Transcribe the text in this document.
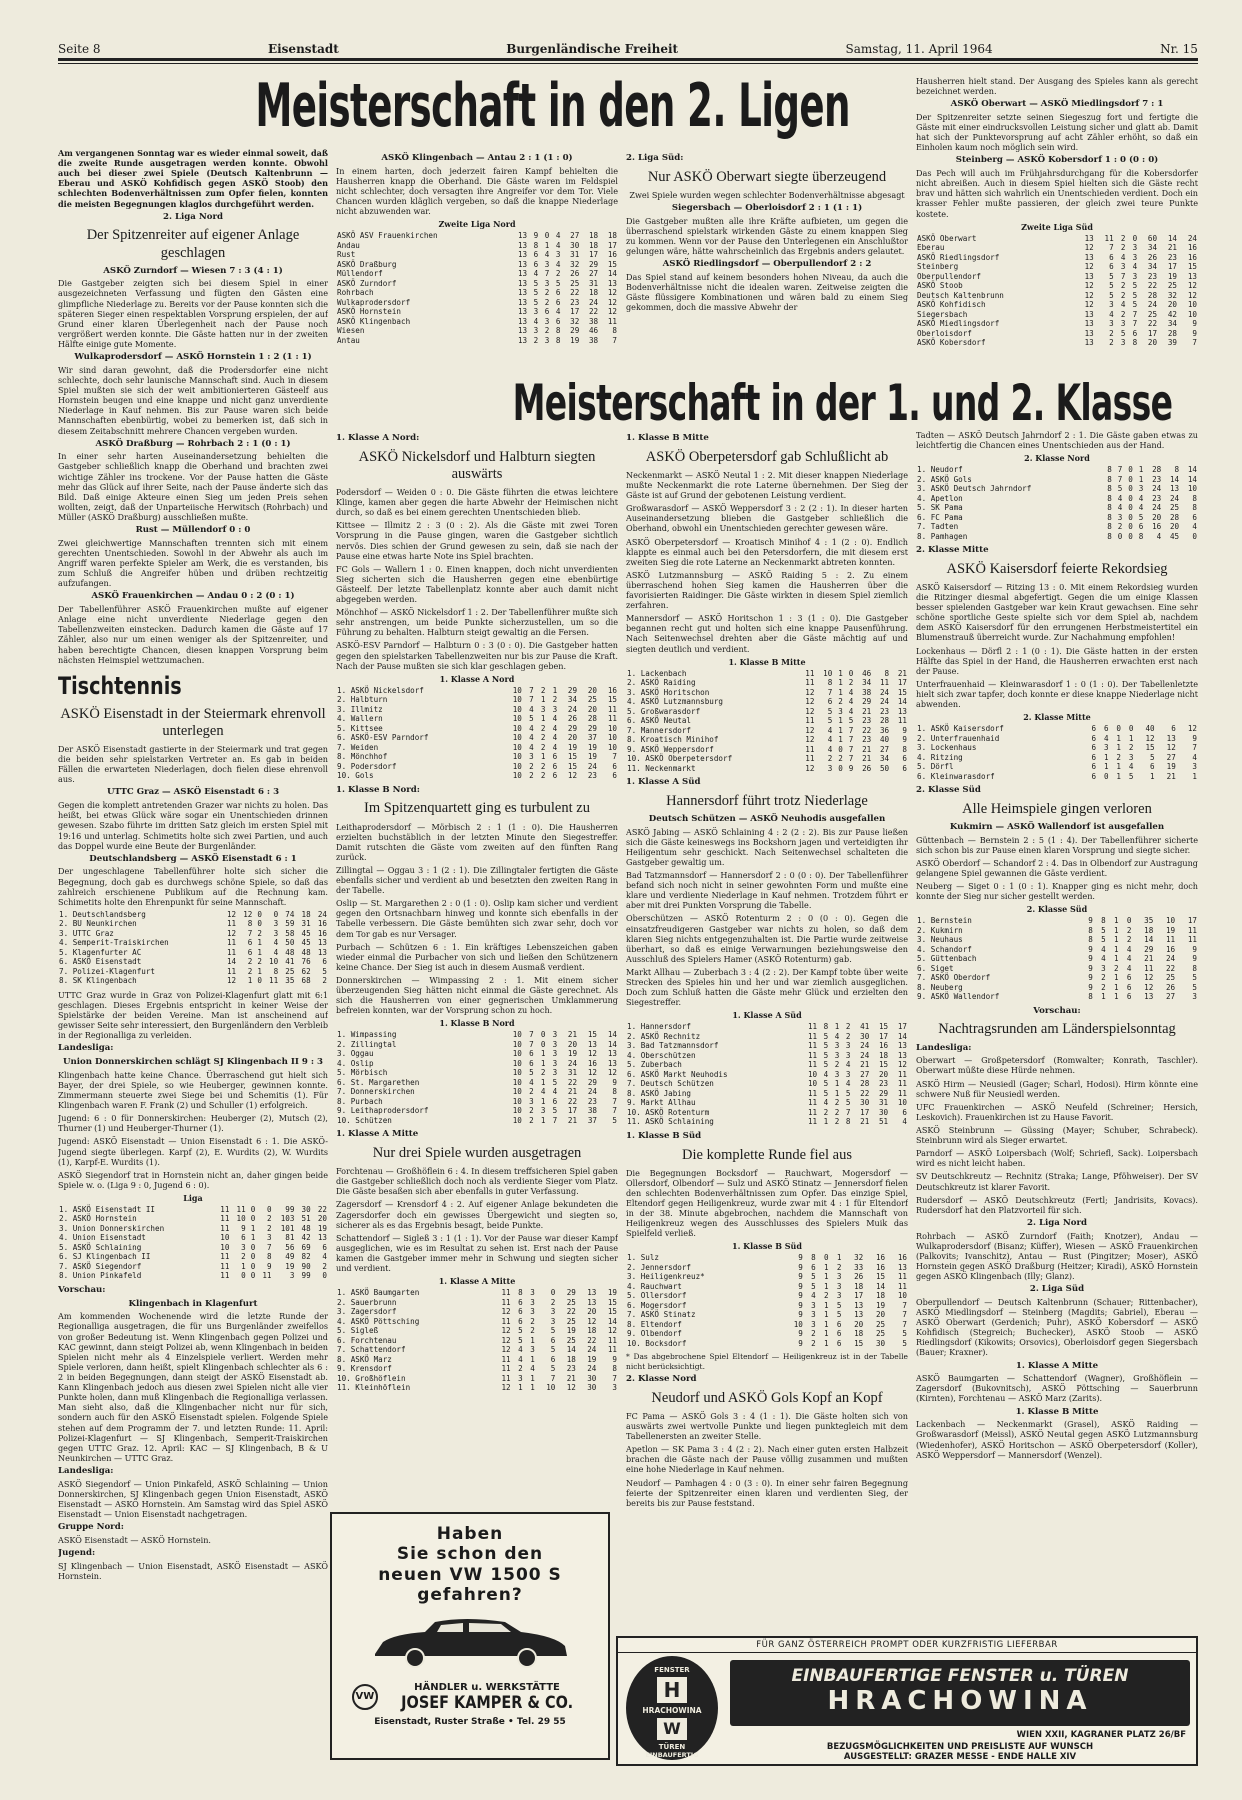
Seite 8	Eisenstadt	Burgenländische Freiheit	Samstag, 11. April 1964	Nr. 15
Meisterschaft in den 2. Ligen

Am vergangenen Sonntag war es wieder einmal soweit, daß die zweite Runde ausgetragen werden konnte. Obwohl auch bei dieser zwei Spiele (Deutsch Kaltenbrunn — Eberau und ASKÖ Kohfidisch gegen ASKÖ Stoob) den schlechten Bodenverhältnissen zum Opfer fielen, konnten die meisten Begegnungen klaglos durchgeführt werden.

2. Liga Nord
Der Spitzenreiter auf eigener Anlage geschlagen
ASKÖ Zurndorf — Wiesen 7 : 3 (4 : 1)

Die Gastgeber zeigten sich bei diesem Spiel in einer ausgezeichneten Verfassung und fügten den Gästen eine glimpfliche Niederlage zu. Bereits vor der Pause konnten sich die späteren Sieger einen respektablen Vorsprung erspielen, der auf Grund einer klaren Überlegenheit nach der Pause noch vergrößert werden konnte. Die Gäste hatten nur in der zweiten Hälfte einige gute Momente.

Wulkaprodersdorf — ASKÖ Hornstein 1 : 2 (1 : 1)

Wir sind daran gewohnt, daß die Prodersdorfer eine nicht schlechte, doch sehr launische Mannschaft sind. Auch in diesem Spiel mußten sie sich der weit ambitionierteren Gästeelf aus Hornstein beugen und eine knappe und nicht ganz unverdiente Niederlage in Kauf nehmen. Bis zur Pause waren sich beide Mannschaften ebenbürtig, wobei zu bemerken ist, daß sich in diesem Zeitabschnitt mehrere Chancen vergeben wurden.

ASKÖ Draßburg — Rohrbach 2 : 1 (0 : 1)

In einer sehr harten Auseinandersetzung behielten die Gastgeber schließlich knapp die Oberhand und brachten zwei wichtige Zähler ins trockene. Vor der Pause hatten die Gäste mehr das Glück auf ihrer Seite, nach der Pause änderte sich das Bild. Daß einige Akteure einen Sieg um jeden Preis sehen wollten, zeigt, daß der Unparteiische Herwitsch (Rohrbach) und Müller (ASKÖ Draßburg) ausschließen mußte.

Rust — Müllendorf 0 : 0

Zwei gleichwertige Mannschaften trennten sich mit einem gerechten Unentschieden. Sowohl in der Abwehr als auch im Angriff waren perfekte Spieler am Werk, die es verstanden, bis zum Schluß die Angreifer hüben und drüben rechtzeitig aufzufangen.

ASKÖ Frauenkirchen — Andau 0 : 2 (0 : 1)

Der Tabellenführer ASKÖ Frauenkirchen mußte auf eigener Anlage eine nicht unverdiente Niederlage gegen den Tabellenzweiten einstecken. Dadurch kamen die Gäste auf 17 Zähler, also nur um einen weniger als der Spitzenreiter, und haben berechtigte Chancen, diesen knappen Vorsprung beim nächsten Heimspiel wettzumachen.

Tischtennis
ASKÖ Eisenstadt in der Steiermark ehrenvoll unterlegen

Der ASKÖ Eisenstadt gastierte in der Steiermark und trat gegen die beiden sehr spielstarken Vertreter an. Es gab in beiden Fällen die erwarteten Niederlagen, doch fielen diese ehrenvoll aus.

UTTC Graz — ASKÖ Eisenstadt 6 : 3

Gegen die komplett antretenden Grazer war nichts zu holen. Das heißt, bei etwas Glück wäre sogar ein Unentschieden drinnen gewesen. Szabo führte im dritten Satz gleich im ersten Spiel mit 19:16 und unterlag. Schimetits holte sich zwei Partien, und auch das Doppel wurde eine Beute der Burgenländer.

Deutschlandsberg — ASKÖ Eisenstadt 6 : 1

Der ungeschlagene Tabellenführer holte sich sicher die Begegnung, doch gab es durchwegs schöne Spiele, so daß das zahlreich erschienene Publikum auf die Rechnung kam. Schimetits holte den Ehrenpunkt für seine Mannschaft.

1. Deutschlandsberg	12	12	0	0	74	18	24
2. BU Neunkirchen	11	8	0	3	59	31	16
3. UTTC Graz	12	7	2	3	58	45	16
4. Semperit-Traiskirchen	11	6	1	4	50	45	13
5. Klagenfurter AC	11	6	1	4	48	48	13
6. ASKÖ Eisenstadt	14	2	2	10	41	76	6
7. Polizei-Klagenfurt	11	2	1	8	25	62	5
8. SK Klingenbach	12	1	0	11	35	68	2

UTTC Graz wurde in Graz von Polizei-Klagenfurt glatt mit 6:1 geschlagen. Dieses Ergebnis entspricht in keiner Weise der Spielstärke der beiden Vereine. Man ist anscheinend auf gewisser Seite sehr interessiert, den Burgenländern den Verbleib in der Regionalliga zu verleiden.

Landesliga:
Union Donnerskirchen schlägt SJ Klingenbach II 9 : 3

Klingenbach hatte keine Chance. Überraschend gut hielt sich Bayer, der drei Spiele, so wie Heuberger, gewinnen konnte. Zimmermann steuerte zwei Siege bei und Schemitis (1). Für Klingenbach waren F. Frank (2) und Schuller (1) erfolgreich.

Jugend: 6 : 0 für Donnerskirchen: Heuberger (2), Mutsch (2), Thurner (1) und Heuberger-Thurner (1).

Jugend: ASKÖ Eisenstadt — Union Eisenstadt 6 : 1. Die ASKÖ-Jugend siegte überlegen. Karpf (2), E. Wurdits (2), W. Wurdits (1), Karpf-E. Wurdits (1).

ASKÖ Siegendorf trat in Hornstein nicht an, daher gingen beide Spiele w. o. (Liga 9 : 0, Jugend 6 : 0).

Liga
1. ASKÖ Eisenstadt II	11	11	0	0	99	30	22
2. ASKÖ Hornstein	11	10	0	2	103	51	20
3. Union Donnerskirchen	11	9	1	2	101	48	19
4. Union Eisenstadt	10	6	1	3	81	42	13
5. ASKÖ Schlaining	10	3	0	7	56	69	6
6. SJ Klingenbach II	11	2	0	8	49	82	4
7. ASKÖ Siegendorf	11	1	0	9	19	90	2
8. Union Pinkafeld	11	0	0	11	3	99	0
Vorschau:
Klingenbach in Klagenfurt

Am kommenden Wochenende wird die letzte Runde der Regionalliga ausgetragen, die für uns Burgenländer zweifellos von großer Bedeutung ist. Wenn Klingenbach gegen Polizei und KAC gewinnt, dann steigt Polizei ab, wenn Klingenbach in beiden Spielen nicht mehr als 4 Einzelspiele verliert. Werden mehr Spiele verloren, dann heißt, spielt Klingenbach schlechter als 6 : 2 in beiden Begegnungen, dann steigt der ASKÖ Eisenstadt ab. Kann Klingenbach jedoch aus diesen zwei Spielen nicht alle vier Punkte holen, dann muß Klingenbach die Regionalliga verlassen. Man sieht also, daß die Klingenbacher nicht nur für sich, sondern auch für den ASKÖ Eisenstadt spielen. Folgende Spiele stehen auf dem Programm der 7. und letzten Runde: 11. April: Polizei-Klagenfurt — SJ Klingenbach, Semperit-Traiskirchen gegen UTTC Graz. 12. April: KAC — SJ Klingenbach, B & U Neunkirchen — UTTC Graz.

Landesliga:

ASKÖ Siegendorf — Union Pinkafeld, ASKÖ Schlaining — Union Donnerskirchen, SJ Klingenbach gegen Union Eisenstadt, ASKÖ Eisenstadt — ASKÖ Hornstein. Am Samstag wird das Spiel ASKÖ Eisenstadt — Union Eisenstadt nachgetragen.

Gruppe Nord:

ASKÖ Eisenstadt — ASKÖ Hornstein.

Jugend:

SJ Klingenbach — Union Eisenstadt, ASKÖ Eisenstadt — ASKÖ Hornstein.

ASKÖ Klingenbach — Antau 2 : 1 (1 : 0)

In einem harten, doch jederzeit fairen Kampf behielten die Hausherren knapp die Oberhand. Die Gäste waren im Feldspiel nicht schlechter, doch versagten ihre Angreifer vor dem Tor. Viele Chancen wurden kläglich vergeben, so daß die knappe Niederlage nicht abzuwenden war.

Zweite Liga Nord
ASKÖ ASV Frauenkirchen	13	9	0	4	27	18	18
Andau	13	8	1	4	30	18	17
Rust	13	6	4	3	31	17	16
ASKÖ Draßburg	13	6	3	4	32	29	15
Müllendorf	13	4	7	2	26	27	14
ASKÖ Zurndorf	13	5	3	5	25	31	13
Rohrbach	13	5	2	6	22	18	12
Wulkaprodersdorf	13	5	2	6	23	24	12
ASKÖ Hornstein	13	3	6	4	17	22	12
ASKÖ Klingenbach	13	4	3	6	32	38	11
Wiesen	13	3	2	8	29	46	8
Antau	13	2	3	8	19	38	7
2. Liga Süd:
Nur ASKÖ Oberwart siegte überzeugend

Zwei Spiele wurden wegen schlechter Bodenverhältnisse abgesagt

Siegersbach — Oberloisdorf 2 : 1 (1 : 1)

Die Gastgeber mußten alle ihre Kräfte aufbieten, um gegen die überraschend spielstark wirkenden Gäste zu einem knappen Sieg zu kommen. Wenn vor der Pause den Unterlegenen ein Anschlußtor gelungen wäre, hätte wahrscheinlich das Ergebnis anders gelautet.

ASKÖ Riedlingsdorf — Oberpullendorf 2 : 2

Das Spiel stand auf keinem besonders hohen Niveau, da auch die Bodenverhältnisse nicht die idealen waren. Zeitweise zeigten die Gäste flüssigere Kombinationen und wären bald zu einem Sieg gekommen, doch die massive Abwehr der

Hausherren hielt stand. Der Ausgang des Spieles kann als gerecht bezeichnet werden.

ASKÖ Oberwart — ASKÖ Miedlingsdorf 7 : 1

Der Spitzenreiter setzte seinen Siegeszug fort und fertigte die Gäste mit einer eindrucksvollen Leistung sicher und glatt ab. Damit hat sich der Punktevorsprung auf acht Zähler erhöht, so daß ein Einholen kaum noch möglich sein wird.

Steinberg — ASKÖ Kobersdorf 1 : 0 (0 : 0)

Das Pech will auch im Frühjahrsdurchgang für die Kobersdorfer nicht abreißen. Auch in diesem Spiel hielten sich die Gäste recht brav und hätten sich wahrlich ein Unentschieden verdient. Doch ein krasser Fehler mußte passieren, der gleich zwei teure Punkte kostete.

Zweite Liga Süd
ASKÖ Oberwart	13	11	2	0	60	14	24
Eberau	12	7	2	3	34	21	16
ASKÖ Riedlingsdorf	13	6	4	3	26	23	16
Steinberg	12	6	3	4	34	17	15
Oberpullendorf	13	5	7	3	23	19	13
ASKÖ Stoob	12	5	2	5	22	25	12
Deutsch Kaltenbrunn	12	5	2	5	28	32	12
ASKÖ Kohfidisch	12	3	4	5	24	20	10
Siegersbach	13	4	2	7	25	42	10
ASKÖ Miedlingsdorf	13	3	3	7	22	34	9
Oberloisdorf	13	2	5	6	17	28	9
ASKÖ Kobersdorf	13	2	3	8	20	39	7
Meisterschaft in der 1. und 2. Klasse
1. Klasse A Nord:
ASKÖ Nickelsdorf und Halbturn siegten auswärts

Podersdorf — Weiden 0 : 0. Die Gäste führten die etwas leichtere Klinge, kamen aber gegen die harte Abwehr der Heimischen nicht durch, so daß es bei einem gerechten Unentschieden blieb.

Kittsee — Illmitz 2 : 3 (0 : 2). Als die Gäste mit zwei Toren Vorsprung in die Pause gingen, waren die Gastgeber sichtlich nervös. Dies schien der Grund gewesen zu sein, daß sie nach der Pause eine etwas harte Note ins Spiel brachten.

FC Gols — Wallern 1 : 0. Einen knappen, doch nicht unverdienten Sieg sicherten sich die Hausherren gegen eine ebenbürtige Gästeelf. Der letzte Tabellenplatz konnte aber auch damit nicht abgegeben werden.

Mönchhof — ASKÖ Nickelsdorf 1 : 2. Der Tabellenführer mußte sich sehr anstrengen, um beide Punkte sicherzustellen, um so die Führung zu behalten. Halbturn steigt gewaltig an die Fersen.

ASKÖ-ESV Parndorf — Halbturn 0 : 3 (0 : 0). Die Gastgeber hatten gegen den spielstarken Tabellenzweiten nur bis zur Pause die Kraft. Nach der Pause mußten sie sich klar geschlagen geben.

1. Klasse A Nord
1. ASKÖ Nickelsdorf	10	7	2	1	29	20	16
2. Halbturn	10	7	1	2	34	25	15
3. Illmitz	10	4	3	3	24	20	11
4. Wallern	10	5	1	4	26	28	11
5. Kittsee	10	4	2	4	29	29	10
6. ASKÖ-ESV Parndorf	10	4	2	4	20	37	10
7. Weiden	10	4	2	4	19	19	10
8. Mönchhof	10	3	1	6	15	19	7
9. Podersdorf	10	2	2	6	15	24	6
10. Gols	10	2	2	6	12	23	6
1. Klasse B Nord:
Im Spitzenquartett ging es turbulent zu

Leithaprodersdorf — Mörbisch 2 : 1 (1 : 0). Die Hausherren erzielten buchstäblich in der letzten Minute den Siegestreffer. Damit rutschten die Gäste vom zweiten auf den fünften Rang zurück.

Zillingtal — Oggau 3 : 1 (2 : 1). Die Zillingtaler fertigten die Gäste ebenfalls sicher und verdient ab und besetzten den zweiten Rang in der Tabelle.

Oslip — St. Margarethen 2 : 0 (1 : 0). Oslip kam sicher und verdient gegen den Ortsnachbarn hinweg und konnte sich ebenfalls in der Tabelle verbessern. Die Gäste bemühten sich zwar sehr, doch vor dem Tor gab es nur Versager.

Purbach — Schützen 6 : 1. Ein kräftiges Lebenszeichen gaben wieder einmal die Purbacher von sich und ließen den Schützenern keine Chance. Der Sieg ist auch in diesem Ausmaß verdient.

Donnerskirchen — Wimpassing 2 : 1. Mit einem sicher überzeugenden Sieg hätten nicht einmal die Gäste gerechnet. Als sich die Hausherren von einer gegnerischen Umklammerung befreien konnten, war der Vorsprung schon zu hoch.

1. Klasse B Nord
1. Wimpassing	10	7	0	3	21	15	14
2. Zillingtal	10	7	0	3	20	13	14
3. Oggau	10	6	1	3	19	12	13
4. Oslip	10	6	1	3	24	16	13
5. Mörbisch	10	5	2	3	31	12	12
6. St. Margarethen	10	4	1	5	22	29	9
7. Donnerskirchen	10	2	4	4	21	24	8
8. Purbach	10	3	1	6	22	23	7
9. Leithaprodersdorf	10	2	3	5	17	38	7
10. Schützen	10	2	1	7	21	37	5
1. Klasse A Mitte
Nur drei Spiele wurden ausgetragen

Forchtenau — Großhöflein 6 : 4. In diesem treffsicheren Spiel gaben die Gastgeber schließlich doch noch als verdiente Sieger vom Platz. Die Gäste besaßen sich aber ebenfalls in guter Verfassung.

Zagersdorf — Krensdorf 4 : 2. Auf eigener Anlage bekundeten die Zagersdorfer doch ein gewisses Übergewicht und siegten so, sicherer als es das Ergebnis besagt, beide Punkte.

Schattendorf — Sigleß 3 : 1 (1 : 1). Vor der Pause war dieser Kampf ausgeglichen, wie es im Resultat zu sehen ist. Erst nach der Pause kamen die Gastgeber immer mehr in Schwung und siegten sicher und verdient.

1. Klasse A Mitte
1. ASKÖ Baumgarten	11	8	3	0	29	13	19
2. Sauerbrunn	11	6	3	2	25	13	15
3. Zagersdorf	12	6	3	3	22	20	15
4. ASKÖ Pöttsching	11	6	2	3	25	12	14
5. Sigleß	12	5	2	5	19	18	12
6. Forchtenau	12	5	1	6	25	22	11
7. Schattendorf	12	4	3	5	14	24	11
8. ASKÖ Marz	11	4	1	6	18	19	9
9. Krensdorf	11	2	4	5	23	24	8
10. Großhöflein	11	3	1	7	21	30	7
11. Kleinhöflein	12	1	1	10	12	30	3
1. Klasse B Mitte
ASKÖ Oberpetersdorf gab Schlußlicht ab

Neckenmarkt — ASKÖ Neutal 1 : 2. Mit dieser knappen Niederlage mußte Neckenmarkt die rote Laterne übernehmen. Der Sieg der Gäste ist auf Grund der gebotenen Leistung verdient.

Großwarasdorf — ASKÖ Weppersdorf 3 : 2 (2 : 1). In dieser harten Auseinandersetzung blieben die Gastgeber schließlich die Oberhand, obwohl ein Unentschieden gerechter gewesen wäre.

ASKÖ Oberpetersdorf — Kroatisch Minihof 4 : 1 (2 : 0). Endlich klappte es einmal auch bei den Petersdorfern, die mit diesem erst zweiten Sieg die rote Laterne an Neckenmarkt abtreten konnten.

ASKÖ Lutzmannsburg — ASKÖ Raiding 5 : 2. Zu einem überraschend hohen Sieg kamen die Hausherren über die favorisierten Raidinger. Die Gäste wirkten in diesem Spiel ziemlich zerfahren.

Mannersdorf — ASKÖ Horitschon 1 : 3 (1 : 0). Die Gastgeber begannen recht gut und holten sich eine knappe Pausenführung. Nach Seitenwechsel drehten aber die Gäste mächtig auf und siegten deutlich und verdient.

1. Klasse B Mitte
1. Lackenbach	11	10	1	0	46	8	21
2. ASKÖ Raiding	11	8	1	2	34	11	17
3. ASKÖ Horitschon	12	7	1	4	38	24	15
4. ASKÖ Lutzmannsburg	12	6	2	4	29	24	14
5. Großwarasdorf	12	5	3	4	21	23	13
6. ASKÖ Neutal	11	5	1	5	23	28	11
7. Mannersdorf	12	4	1	7	22	36	9
8. Kroatisch Minihof	12	4	1	7	23	40	9
9. ASKÖ Weppersdorf	11	4	0	7	21	27	8
10. ASKÖ Oberpetersdorf	11	2	2	7	21	34	6
11. Neckenmarkt	12	3	0	9	26	50	6
1. Klasse A Süd
Hannersdorf führt trotz Niederlage
Deutsch Schützen — ASKÖ Neuhodis ausgefallen

ASKÖ Jabing — ASKÖ Schlaining 4 : 2 (2 : 2). Bis zur Pause ließen sich die Gäste keineswegs ins Bockshorn jagen und verteidigten ihr Heiligentum sehr geschickt. Nach Seitenwechsel schalteten die Gastgeber gewaltig um.

Bad Tatzmannsdorf — Hannersdorf 2 : 0 (0 : 0). Der Tabellenführer befand sich noch nicht in seiner gewohnten Form und mußte eine klare und verdiente Niederlage in Kauf nehmen. Trotzdem führt er aber mit drei Punkten Vorsprung die Tabelle.

Oberschützen — ASKÖ Rotenturm 2 : 0 (0 : 0). Gegen die einsatzfreudigeren Gastgeber war nichts zu holen, so daß dem klaren Sieg nichts entgegenzuhalten ist. Die Partie wurde zeitweise überhart, so daß es einige Verwarnungen beziehungsweise den Ausschluß des Spielers Hamer (ASKÖ Rotenturm) gab.

Markt Allhau — Zuberbach 3 : 4 (2 : 2). Der Kampf tobte über weite Strecken des Spieles hin und her und war ziemlich ausgeglichen. Doch zum Schluß hatten die Gäste mehr Glück und erzielten den Siegestreffer.

1. Klasse A Süd
1. Hannersdorf	11	8	1	2	41	15	17
2. ASKÖ Rechnitz	11	5	4	2	30	17	14
3. Bad Tatzmannsdorf	11	5	3	3	24	16	13
4. Oberschützen	11	5	3	3	24	18	13
5. Zuberbach	11	5	2	4	21	15	12
6. ASKÖ Markt Neuhodis	10	4	3	3	27	20	11
7. Deutsch Schützen	10	5	1	4	28	23	11
8. ASKÖ Jabing	11	5	1	5	22	29	11
9. Markt Allhau	11	4	2	5	30	31	10
10. ASKÖ Rotenturm	11	2	2	7	17	30	6
11. ASKÖ Schlaining	11	1	2	8	21	51	4
1. Klasse B Süd
Die komplette Runde fiel aus

Die Begegnungen Bocksdorf — Rauchwart, Mogersdorf — Ollersdorf, Olbendorf — Sulz und ASKÖ Stinatz — Jennersdorf fielen den schlechten Bodenverhältnissen zum Opfer. Das einzige Spiel, Eltendorf gegen Heiligenkreuz, wurde zwar mit 4 : 1 für Eltendorf in der 38. Minute abgebrochen, nachdem die Mannschaft von Heiligenkreuz wegen des Ausschlusses des Spielers Muik das Spielfeld verließ.

1. Klasse B Süd
1. Sulz	9	8	0	1	32	16	16
2. Jennersdorf	9	6	1	2	33	16	13
3. Heiligenkreuz*	9	5	1	3	26	15	11
4. Rauchwart	9	5	1	3	18	14	11
5. Ollersdorf	9	4	2	3	17	18	10
6. Mogersdorf	9	3	1	5	13	19	7
7. ASKÖ Stinatz	9	3	1	5	13	20	7
8. Eltendorf	10	3	1	6	20	25	7
9. Olbendorf	9	2	1	6	18	25	5
10. Bocksdorf	9	2	1	6	15	30	5

* Das abgebrochene Spiel Eltendorf — Heiligenkreuz ist in der Tabelle nicht berücksichtigt.

2. Klasse Nord
Neudorf und ASKÖ Gols Kopf an Kopf

FC Pama — ASKÖ Gols 3 : 4 (1 : 1). Die Gäste holten sich von auswärts zwei wertvolle Punkte und liegen punktegleich mit dem Tabellenersten an zweiter Stelle.

Apetlon — SK Pama 3 : 4 (2 : 2). Nach einer guten ersten Halbzeit brachen die Gäste nach der Pause völlig zusammen und mußten eine hohe Niederlage in Kauf nehmen.

Neudorf — Pamhagen 4 : 0 (3 : 0). In einer sehr fairen Begegnung feierte der Spitzenreiter einen klaren und verdienten Sieg, der bereits bis zur Pause feststand.

Tadten — ASKÖ Deutsch Jahrndorf 2 : 1. Die Gäste gaben etwas zu leichtfertig die Chancen eines Unentschieden aus der Hand.

2. Klasse Nord
1. Neudorf	8	7	0	1	28	8	14
2. ASKÖ Gols	8	7	0	1	23	14	14
3. ASKÖ Deutsch Jahrndorf	8	5	0	3	24	13	10
4. Apetlon	8	4	0	4	23	24	8
5. SK Pama	8	4	0	4	24	25	8
6. FC Pama	8	3	0	5	20	28	6
7. Tadten	8	2	0	6	16	20	4
8. Pamhagen	8	0	0	8	4	45	0
2. Klasse Mitte
ASKÖ Kaisersdorf feierte Rekordsieg

ASKÖ Kaisersdorf — Ritzing 13 : 0. Mit einem Rekordsieg wurden die Ritzinger diesmal abgefertigt. Gegen die um einige Klassen besser spielenden Gastgeber war kein Kraut gewachsen. Eine sehr schöne sportliche Geste spielte sich vor dem Spiel ab, nachdem dem ASKÖ Kaisersdorf für den errungenen Herbstmeistertitel ein Blumenstrauß überreicht wurde. Zur Nachahmung empfohlen!

Lockenhaus — Dörfl 2 : 1 (0 : 1). Die Gäste hatten in der ersten Hälfte das Spiel in der Hand, die Hausherren erwachten erst nach der Pause.

Unterfrauenhaid — Kleinwarasdorf 1 : 0 (1 : 0). Der Tabellenletzte hielt sich zwar tapfer, doch konnte er diese knappe Niederlage nicht abwenden.

2. Klasse Mitte
1. ASKÖ Kaisersdorf	6	6	0	0	40	6	12
2. Unterfrauenhaid	6	4	1	1	12	13	9
3. Lockenhaus	6	3	1	2	15	12	7
4. Ritzing	6	1	2	3	5	27	4
5. Dörfl	6	1	1	4	6	19	3
6. Kleinwarasdorf	6	0	1	5	1	21	1
2. Klasse Süd
Alle Heimspiele gingen verloren
Kukmirn — ASKÖ Wallendorf ist ausgefallen

Güttenbach — Bernstein 2 : 5 (1 : 4). Der Tabellenführer sicherte sich schon bis zur Pause einen klaren Vorsprung und siegte sicher.

ASKÖ Oberdorf — Schandorf 2 : 4. Das in Olbendorf zur Austragung gelangene Spiel gewannen die Gäste verdient.

Neuberg — Siget 0 : 1 (0 : 1). Knapper ging es nicht mehr, doch konnte der Sieg nur sicher gestellt werden.

2. Klasse Süd
1. Bernstein	9	8	1	0	35	10	17
2. Kukmirn	8	5	1	2	18	19	11
3. Neuhaus	8	5	1	2	14	11	11
4. Schandorf	9	4	1	4	29	16	9
5. Güttenbach	9	4	1	4	21	24	9
6. Siget	9	3	2	4	11	22	8
7. ASKÖ Oberdorf	9	2	1	6	12	25	5
8. Neuberg	9	2	1	6	12	26	5
9. ASKÖ Wallendorf	8	1	1	6	13	27	3
Vorschau:
Nachtragsrunden am Länderspielsonntag
Landesliga:

Oberwart — Großpetersdorf (Romwalter; Konrath, Taschler). Oberwart müßte diese Hürde nehmen.

ASKÖ Hirm — Neusiedl (Gager; Scharl, Hodosi). Hirm könnte eine schwere Nuß für Neusiedl werden.

UFC Frauenkirchen — ASKÖ Neufeld (Schreiner; Hersich, Leskovich). Frauenkirchen ist zu Hause Favorit.

ASKÖ Steinbrunn — Güssing (Mayer; Schuber, Schrabeck). Steinbrunn wird als Sieger erwartet.

Parndorf — ASKÖ Loipersbach (Wolf; Schriefl, Sack). Loipersbach wird es nicht leicht haben.

SV Deutschkreutz — Rechnitz (Straka; Lange, Pföhweiser). Der SV Deutschkreutz ist klarer Favorit.

Rudersdorf — ASKÖ Deutschkreutz (Fertl; Jandrisits, Kovacs). Rudersdorf hat den Platzvorteil für sich.

2. Liga Nord

Rohrbach — ASKÖ Zurndorf (Faith; Knotzer), Andau — Wulkaprodersdorf (Bisanz; Küffer), Wiesen — ASKÖ Frauenkirchen (Palkovits; Ivanschitz), Antau — Rust (Pingitzer; Moser), ASKÖ Hornstein gegen ASKÖ Draßburg (Heitzer; Kiradi), ASKÖ Hornstein gegen ASKÖ Klingenbach (Illy; Glanz).

2. Liga Süd

Oberpullendorf — Deutsch Kaltenbrunn (Schauer; Rittenbacher), ASKÖ Miedlingsdorf — Steinberg (Magdits; Gabriel), Eberau — ASKÖ Oberwart (Gerdenich; Puhr), ASKÖ Kobersdorf — ASKÖ Kohfidisch (Stegreich; Buchecker), ASKÖ Stoob — ASKÖ Riedlingsdorf (Kikowits; Orsovics), Oberloisdorf gegen Siegersbach (Bauer; Kraxner).

1. Klasse A Mitte

ASKÖ Baumgarten — Schattendorf (Wagner), Großhöflein — Zagersdorf (Bukovnitsch), ASKÖ Pöttsching — Sauerbrunn (Kirnten), Forchtenau — ASKÖ Marz (Zarits).

1. Klasse B Mitte

Lackenbach — Neckenmarkt (Grasel), ASKÖ Raiding — Großwarasdorf (Meissl), ASKÖ Neutal gegen ASKÖ Lutzmannsburg (Wiedenhofer), ASKÖ Horitschon — ASKÖ Oberpetersdorf (Koller), ASKÖ Weppersdorf — Mannersdorf (Wenzel).

Haben
Sie schon den
neuen VW 1500 S
gefahren?
VW
HÄNDLER u. WERKSTÄTTE
JOSEF KAMPER & CO.
Eisenstadt, Ruster Straße • Tel. 29 55
FÜR GANZ ÖSTERREICH PROMPT ODER KURZFRISTIG LIEFERBAR
FENSTER
H
HRACHOWINA
W
TÜREN
EINBAUFERTIG
EINBAUFERTIGE FENSTER u. TÜREN
HRACHOWINA
WIEN XXII, KAGRANER PLATZ 26/BF
BEZUGSMÖGLICHKEITEN UND PREISLISTE AUF WUNSCH
AUSGESTELLT: GRAZER MESSE - ENDE HALLE XIV
